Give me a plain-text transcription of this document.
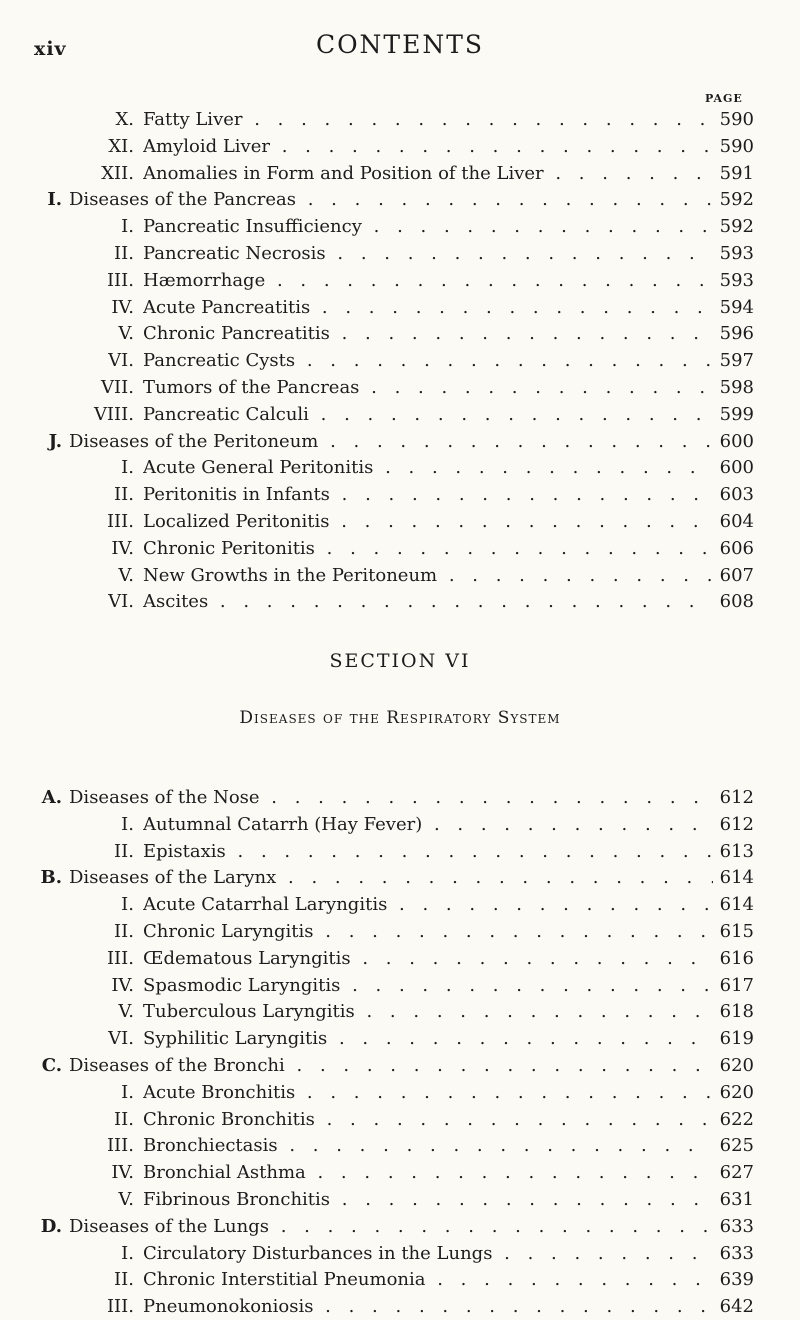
xiv	CONTENTS
PAGE
X. Fatty Liver . . .	590
XI. Amyloid Liver . . .	590
XII. Anomalies in Form and Position of the Liver . . .	591
I. Diseases of the Pancreas . . .	592
I. Pancreatic Insufficiency . . .	592
II. Pancreatic Necrosis . . .	593
III. Hæmorrhage . . .	593
IV. Acute Pancreatitis . . .	594
V. Chronic Pancreatitis . . .	596
VI. Pancreatic Cysts . . .	597
VII. Tumors of the Pancreas . . .	598
VIII. Pancreatic Calculi . . .	599
J. Diseases of the Peritoneum . . .	600
I. Acute General Peritonitis . . .	600
II. Peritonitis in Infants . . .	603
III. Localized Peritonitis . . .	604
IV. Chronic Peritonitis . . .	606
V. New Growths in the Peritoneum . . .	607
VI. Ascites . . .	608
SECTION VI
Diseases of the Respiratory System
A. Diseases of the Nose . . .	612
I. Autumnal Catarrh (Hay Fever) . . .	612
II. Epistaxis . . .	613
B. Diseases of the Larynx . . .	614
I. Acute Catarrhal Laryngitis . . .	614
II. Chronic Laryngitis . . .	615
III. Œdematous Laryngitis . . .	616
IV. Spasmodic Laryngitis . . .	617
V. Tuberculous Laryngitis . . .	618
VI. Syphilitic Laryngitis . . .	619
C. Diseases of the Bronchi . . .	620
I. Acute Bronchitis . . .	620
II. Chronic Bronchitis . . .	622
III. Bronchiectasis . . .	625
IV. Bronchial Asthma . . .	627
V. Fibrinous Bronchitis . . .	631
D. Diseases of the Lungs . . .	633
I. Circulatory Disturbances in the Lungs . . .	633
II. Chronic Interstitial Pneumonia . . .	639
III. Pneumonokoniosis . . .	642
